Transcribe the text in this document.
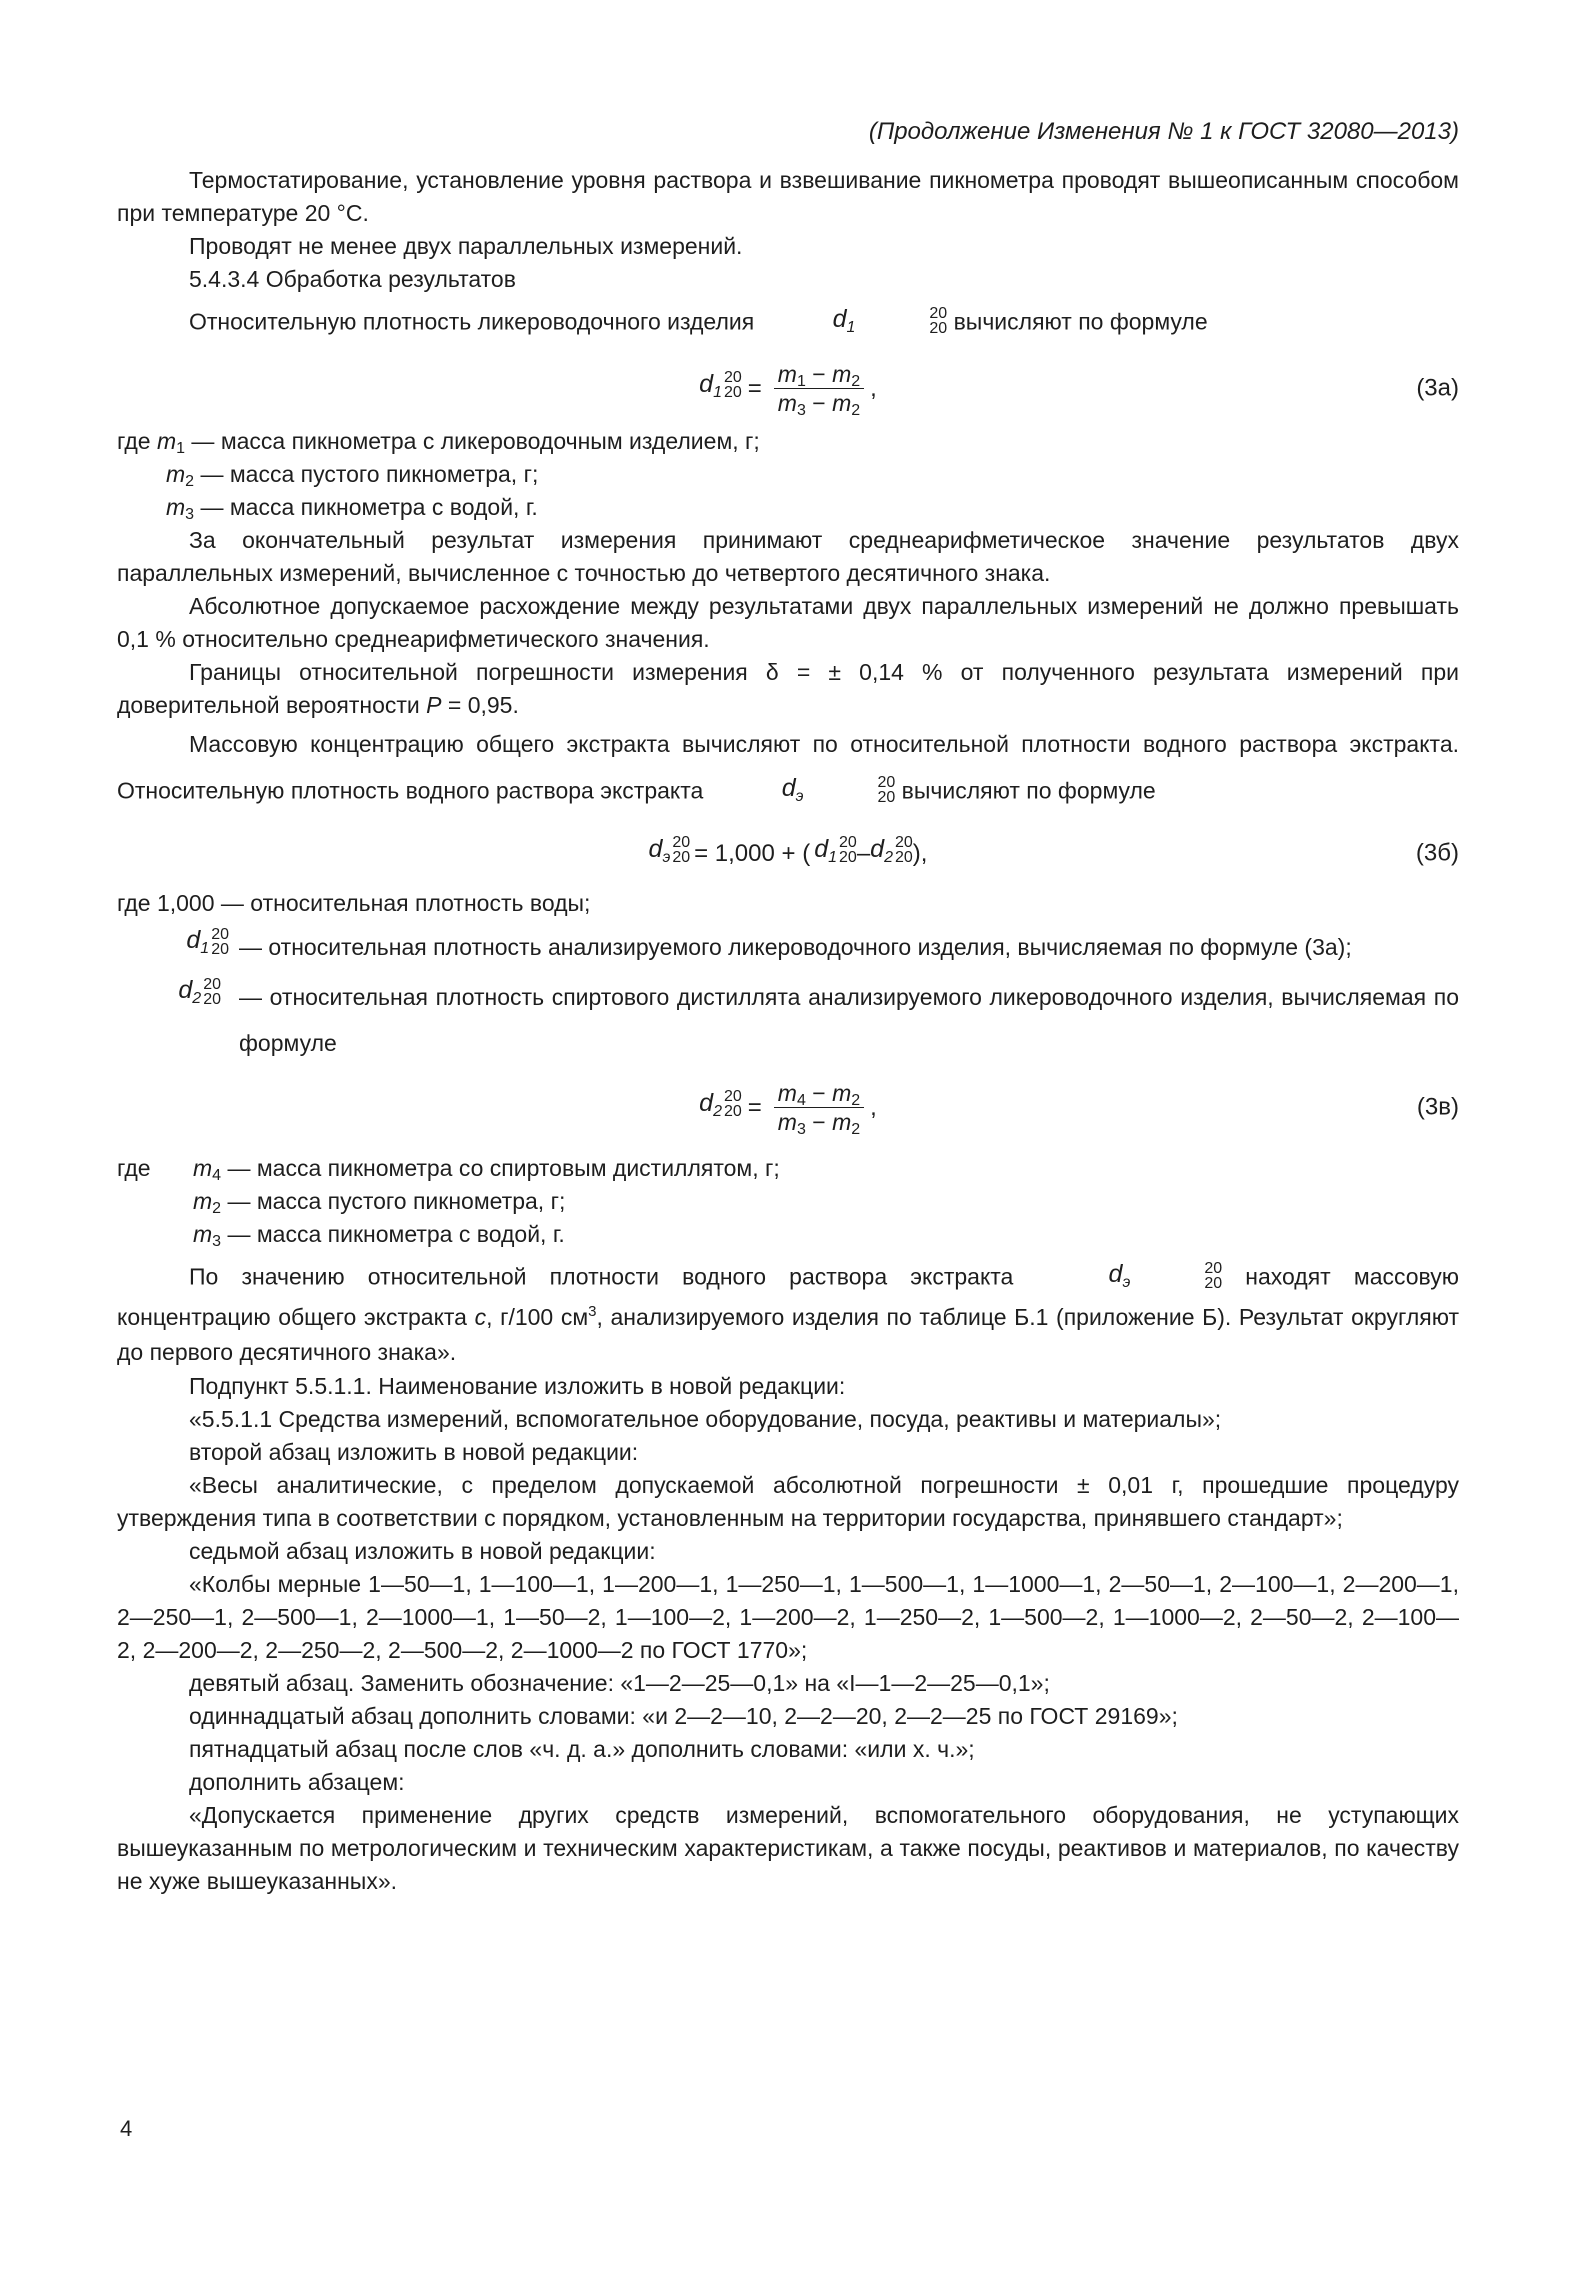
(Продолжение Изменения № 1 к ГОСТ 32080—2013)

Термостатирование, установление уровня раствора и взвешивание пикнометра проводят вышеописанным способом при температуре 20 °С.

Проводят не менее двух параллельных измерений.

5.4.3.4 Обработка результатов

Относительную плотность ликероводочного изделия	$d_1$
20
20 вычисляют по формуле

$d_1$
20
$20 = \frac{m_1 - m_2}{m_3 - m_2}$ ,	(3а)
где $m_1$ — масса пикнометра с ликероводочным изделием, г;
$m_2$ — масса пустого пикнометра, г;
$m_3$ — масса пикнометра с водой, г.

За окончательный результат измерения принимают среднеарифметическое значение результатов двух параллельных измерений, вычисленное с точностью до четвертого десятичного знака.

Абсолютное допускаемое расхождение между результатами двух параллельных измерений не должно превышать 0,1 % относительно среднеарифметического значения.

Границы относительной погрешности измерения δ = ± 0,14 % от полученного результата измерений при доверительной вероятности P = 0,95.

Массовую концентрацию общего экстракта вычисляют по относительной плотности водного раствора экстракта. Относительную плотность водного раствора экстракта	$d_э$
20
20 вычисляют по формуле

$d_э$
20
20 = 1,000 + ( $d_1$
20
$20 - d_2$
20
20 ),	(3б)

где 1,000 — относительная плотность воды;

$d_1$
20
20 — относительная плотность анализируемого ликероводочного изделия, вычисляемая по формуле (3а);
$d_2$
20
20 — относительная плотность спиртового дистиллята анализируемого ликероводочного изделия, вычисляемая по формуле
$d_2$
20
$20 = \frac{m_4 - m_2}{m_3 - m_2}$ ,	(3в)
где	$m_4$ — масса пикнометра со спиртовым дистиллятом, г;
$m_2$ — масса пустого пикнометра, г;
$m_3$ — масса пикнометра с водой, г.

По значению относительной плотности водного раствора экстракта	$d_э$
20
20 находят массовую концентрацию общего экстракта c, г/100 $см^3$, анализируемого изделия по таблице Б.1 (приложение Б). Результат округляют до первого десятичного знака».

Подпункт 5.5.1.1. Наименование изложить в новой редакции:

«5.5.1.1 Средства измерений, вспомогательное оборудование, посуда, реактивы и материалы»;

второй абзац изложить в новой редакции:

«Весы аналитические, с пределом допускаемой абсолютной погрешности ± 0,01 г, прошедшие процедуру утверждения типа в соответствии с порядком, установленным на территории государства, принявшего стандарт»;

седьмой абзац изложить в новой редакции:

«Колбы мерные 1—50—1, 1—100—1, 1—200—1, 1—250—1, 1—500—1, 1—1000—1, 2—50—1, 2—100—1, 2—200—1, 2—250—1, 2—500—1, 2—1000—1, 1—50—2, 1—100—2, 1—200—2, 1—250—2, 1—500—2, 1—1000—2, 2—50—2, 2—100—2, 2—200—2, 2—250—2, 2—500—2, 2—1000—2 по ГОСТ 1770»;

девятый абзац. Заменить обозначение: «1—2—25—0,1» на «I—1—2—25—0,1»;

одиннадцатый абзац дополнить словами: «и 2—2—10, 2—2—20, 2—2—25 по ГОСТ 29169»;

пятнадцатый абзац после слов «ч. д. а.» дополнить словами: «или х. ч.»;

дополнить абзацем:

«Допускается применение других средств измерений, вспомогательного оборудования, не уступающих вышеуказанным по метрологическим и техническим характеристикам, а также посуды, реактивов и материалов, по качеству не хуже вышеуказанных».

4
